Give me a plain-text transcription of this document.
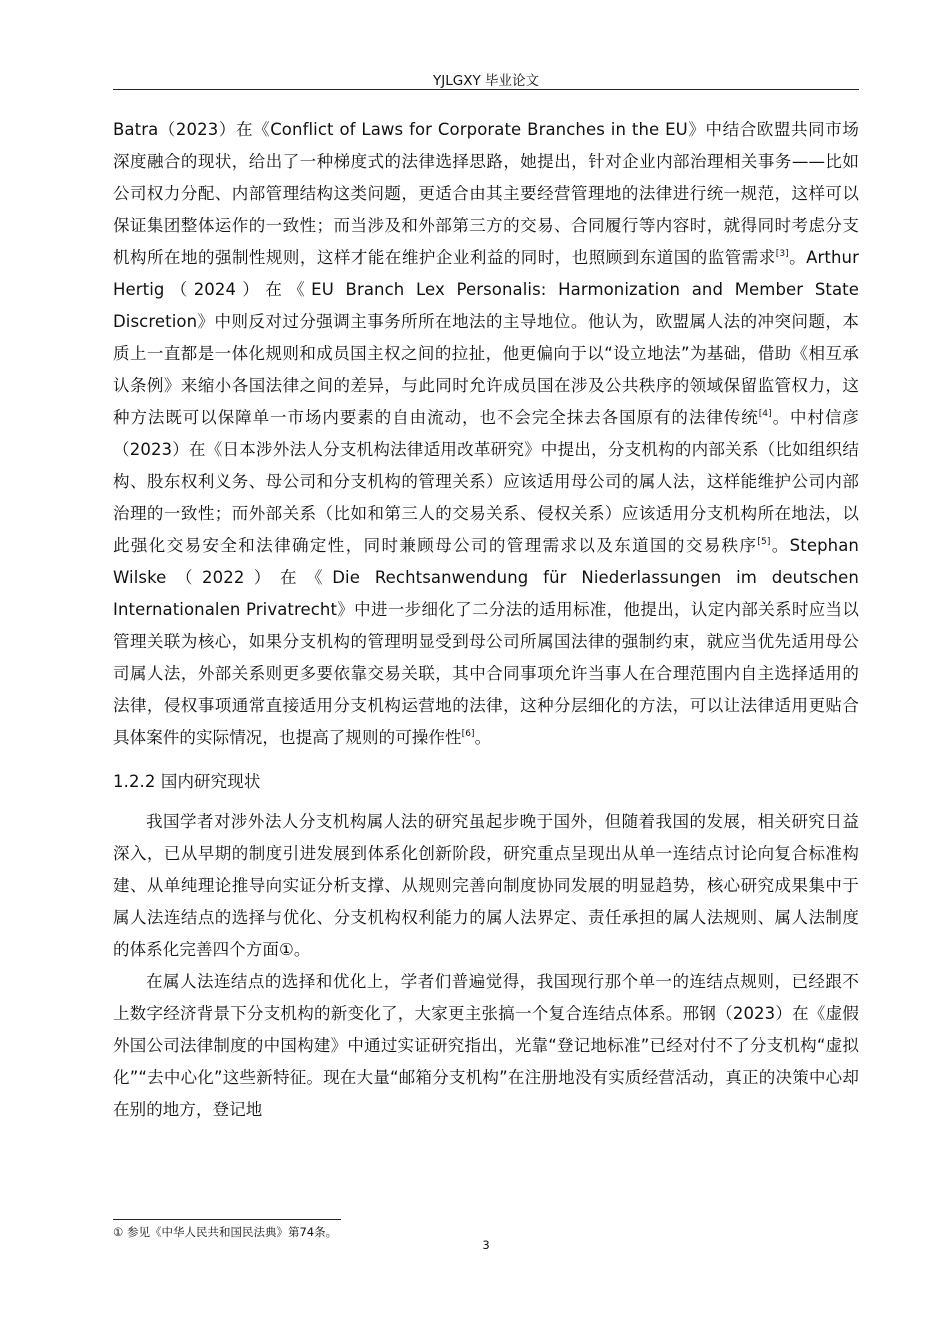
YJLGXY 毕业论文

Batra（2023）在《Conflict of Laws for Corporate Branches in the EU》中结合欧盟共同市场深度融合的现状，给出了一种梯度式的法律选择思路，她提出，针对企业内部治理相关事务——比如公司权力分配、内部管理结构这类问题，更适合由其主要经营管理地的法律进行统一规范，这样可以保证集团整体运作的一致性；而当涉及和外部第三方的交易、合同履行等内容时，就得同时考虑分支机构所在地的强制性规则，这样才能在维护企业利益的同时，也照顾到东道国的监管需求[3]。Arthur Hertig（2024）在《EU Branch Lex Personalis: Harmonization and Member State Discretion》中则反对过分强调主事务所所在地法的主导地位。他认为，欧盟属人法的冲突问题，本质上一直都是一体化规则和成员国主权之间的拉扯，他更偏向于以“设立地法”为基础，借助《相互承认条例》来缩小各国法律之间的差异，与此同时允许成员国在涉及公共秩序的领域保留监管权力，这种方法既可以保障单一市场内要素的自由流动，也不会完全抹去各国原有的法律传统[4]。中村信彦（2023）在《日本涉外法人分支机构法律适用改革研究》中提出，分支机构的内部关系（比如组织结构、股东权利义务、母公司和分支机构的管理关系）应该适用母公司的属人法，这样能维护公司内部治理的一致性；而外部关系（比如和第三人的交易关系、侵权关系）应该适用分支机构所在地法，以此强化交易安全和法律确定性，同时兼顾母公司的管理需求以及东道国的交易秩序[5]。Stephan Wilske（2022）在《Die Rechtsanwendung für Niederlassungen im deutschen Internationalen Privatrecht》中进一步细化了二分法的适用标准，他提出，认定内部关系时应当以管理关联为核心，如果分支机构的管理明显受到母公司所属国法律的强制约束，就应当优先适用母公司属人法，外部关系则更多要依靠交易关联，其中合同事项允许当事人在合理范围内自主选择适用的法律，侵权事项通常直接适用分支机构运营地的法律，这种分层细化的方法，可以让法律适用更贴合具体案件的实际情况，也提高了规则的可操作性[6]。

1.2.2 国内研究现状

我国学者对涉外法人分支机构属人法的研究虽起步晚于国外，但随着我国的发展，相关研究日益深入，已从早期的制度引进发展到体系化创新阶段，研究重点呈现出从单一连结点讨论向复合标准构建、从单纯理论推导向实证分析支撑、从规则完善向制度协同发展的明显趋势，核心研究成果集中于属人法连结点的选择与优化、分支机构权利能力的属人法界定、责任承担的属人法规则、属人法制度的体系化完善四个方面①。

在属人法连结点的选择和优化上，学者们普遍觉得，我国现行那个单一的连结点规则，已经跟不上数字经济背景下分支机构的新变化了，大家更主张搞一个复合连结点体系。邢钢（2023）在《虚假外国公司法律制度的中国构建》中通过实证研究指出，光靠“登记地标准”已经对付不了分支机构“虚拟化”“去中心化”这些新特征。现在大量“邮箱分支机构”在注册地没有实质经营活动，真正的决策中心却在别的地方，登记地

① 参见《中华人民共和国民法典》第74条。
3
